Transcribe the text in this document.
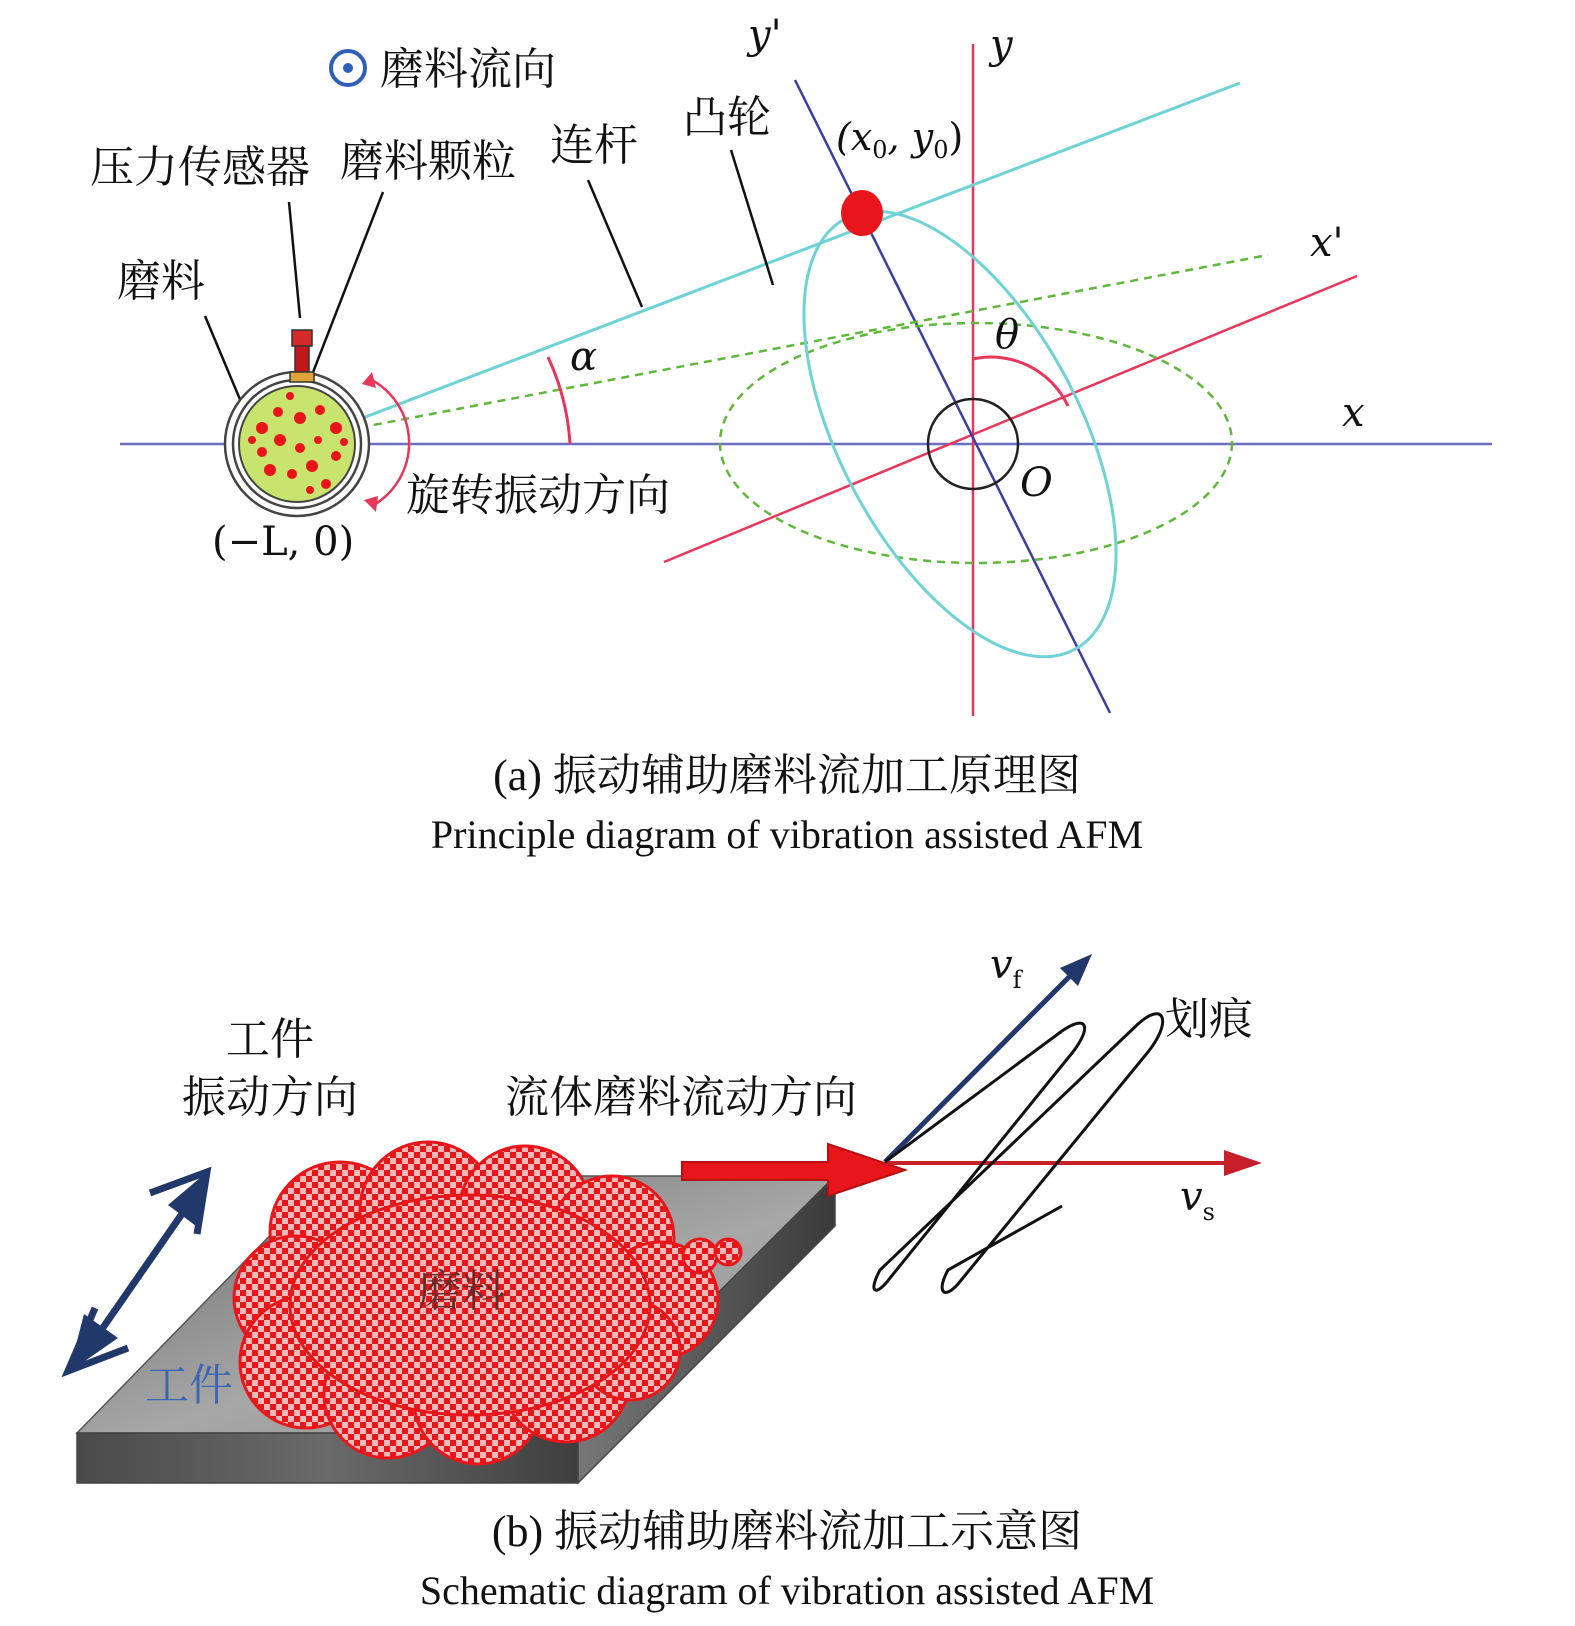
磨料流向
压力传感器 磨料颗粒 连杆
凸轮
磨料
旋转振动方向
(−L, 0)
($x_0$, $y_0$)
y'	y
x'
x
O
α	θ
(a) 振动辅助磨料流加工原理图
Principle diagram of vibration assisted AFM
工件
振动方向	流体磨料流动方向
划痕
$v_f$
$v_s$
磨料
工件
(b) 振动辅助磨料流加工示意图
Schematic diagram of vibration assisted AFM
